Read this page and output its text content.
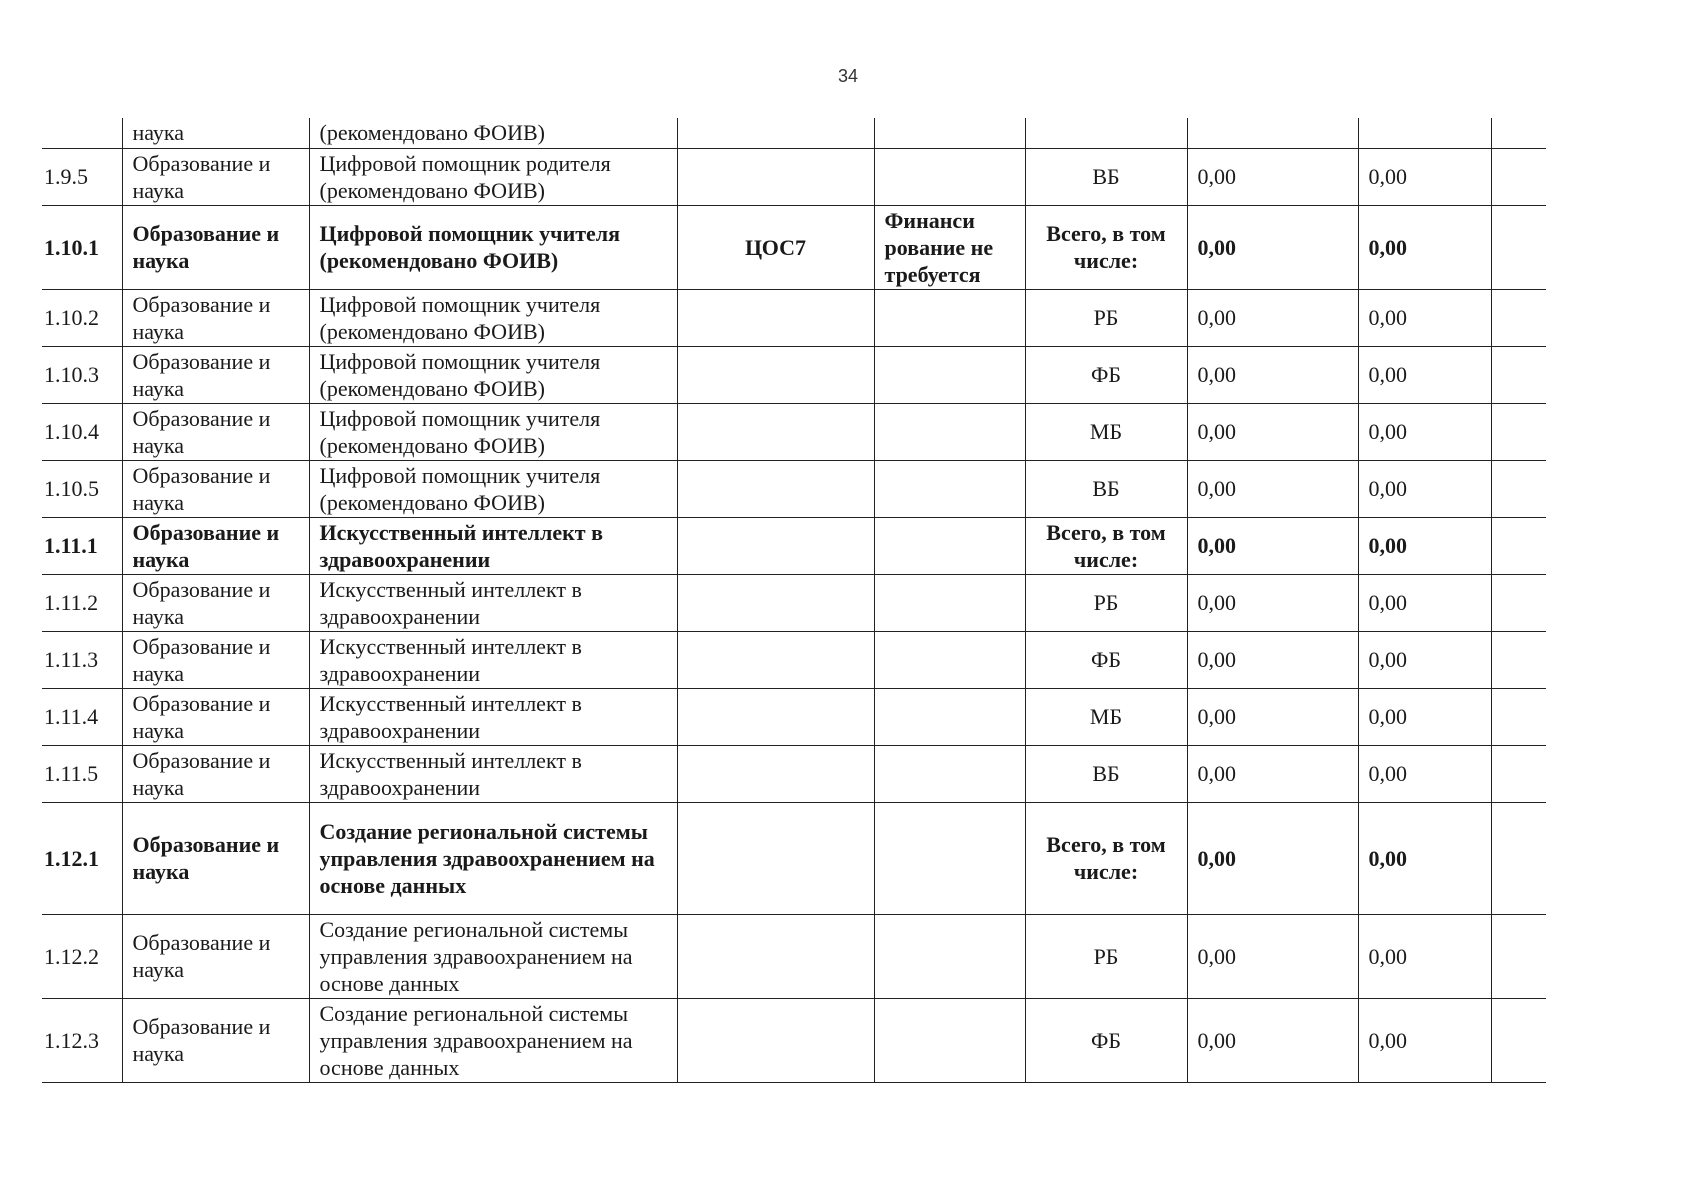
34
	наука	(рекомендовано ФОИВ)						
1.9.5	Образование и наука	Цифровой помощник родителя (рекомендовано ФОИВ)			ВБ	0,00	0,00	
1.10.1	Образование и наука	Цифровой помощник учителя (рекомендовано ФОИВ)	ЦОС7	Финанси рование не требуется	Всего, в том числе:	0,00	0,00	
1.10.2	Образование и наука	Цифровой помощник учителя (рекомендовано ФОИВ)			РБ	0,00	0,00	
1.10.3	Образование и наука	Цифровой помощник учителя (рекомендовано ФОИВ)			ФБ	0,00	0,00	
1.10.4	Образование и наука	Цифровой помощник учителя (рекомендовано ФОИВ)			МБ	0,00	0,00	
1.10.5	Образование и наука	Цифровой помощник учителя (рекомендовано ФОИВ)			ВБ	0,00	0,00	
1.11.1	Образование и наука	Искусственный интеллект в здравоохранении			Всего, в том числе:	0,00	0,00	
1.11.2	Образование и наука	Искусственный интеллект в здравоохранении			РБ	0,00	0,00	
1.11.3	Образование и наука	Искусственный интеллект в здравоохранении			ФБ	0,00	0,00	
1.11.4	Образование и наука	Искусственный интеллект в здравоохранении			МБ	0,00	0,00	
1.11.5	Образование и наука	Искусственный интеллект в здравоохранении			ВБ	0,00	0,00	
1.12.1	Образование и наука	Создание региональной системы управления здравоохранением на основе данных			Всего, в том числе:	0,00	0,00	
1.12.2	Образование и наука	Создание региональной системы управления здравоохранением на основе данных			РБ	0,00	0,00	
1.12.3	Образование и наука	Создание региональной системы управления здравоохранением на основе данных			ФБ	0,00	0,00	
